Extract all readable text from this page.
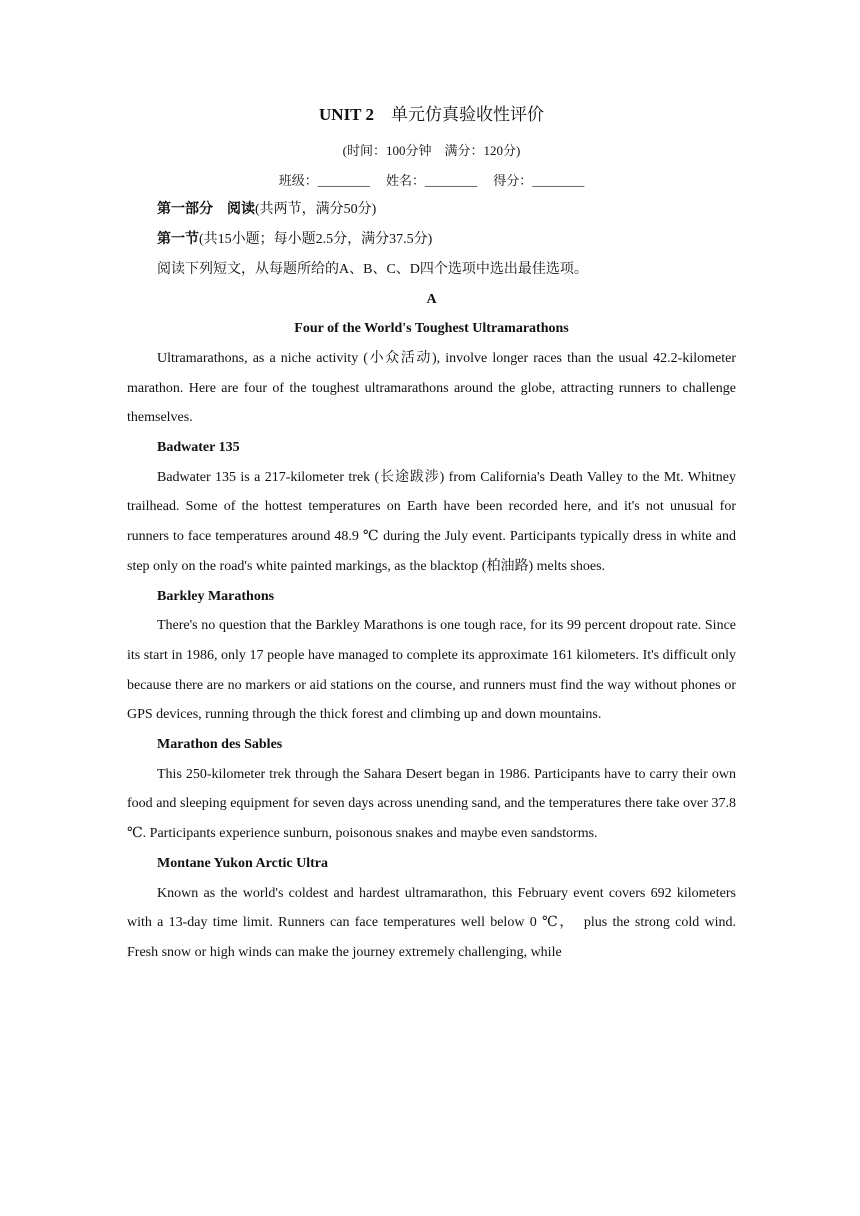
UNIT 2 单元仿真验收性评价
(时间：100分钟　满分：120分)
班级：________ 姓名：________ 得分：________
第一部分　阅读(共两节，满分50分)
第一节(共15小题；每小题2.5分，满分37.5分)
阅读下列短文，从每题所给的A、B、C、D四个选项中选出最佳选项。
A
Four of the World's Toughest Ultramarathons

Ultramarathons, as a niche activity (小众活动), involve longer races than the usual 42.2-kilometer marathon. Here are four of the toughest ultramarathons around the globe, attracting runners to challenge themselves.

Badwater 135

Badwater 135 is a 217-kilometer trek (长途跋涉) from California's Death Valley to the Mt. Whitney trailhead. Some of the hottest temperatures on Earth have been recorded here, and it's not unusual for runners to face temperatures around 48.9 ℃ during the July event. Participants typically dress in white and step only on the road's white painted markings, as the blacktop (柏油路) melts shoes.

Barkley Marathons

There's no question that the Barkley Marathons is one tough race, for its 99 percent dropout rate. Since its start in 1986, only 17 people have managed to complete its approximate 161 kilometers. It's difficult only because there are no markers or aid stations on the course, and runners must find the way without phones or GPS devices, running through the thick forest and climbing up and down mountains.

Marathon des Sables

This 250-kilometer trek through the Sahara Desert began in 1986. Participants have to carry their own food and sleeping equipment for seven days across unending sand, and the temperatures there take over 37.8 ℃. Participants experience sunburn, poisonous snakes and maybe even sandstorms.

Montane Yukon Arctic Ultra

Known as the world's coldest and hardest ultramarathon, this February event covers 692 kilometers with a 13-day time limit. Runners can face temperatures well below 0 ℃，　plus the strong cold wind. Fresh snow or high winds can make the journey extremely challenging, while
